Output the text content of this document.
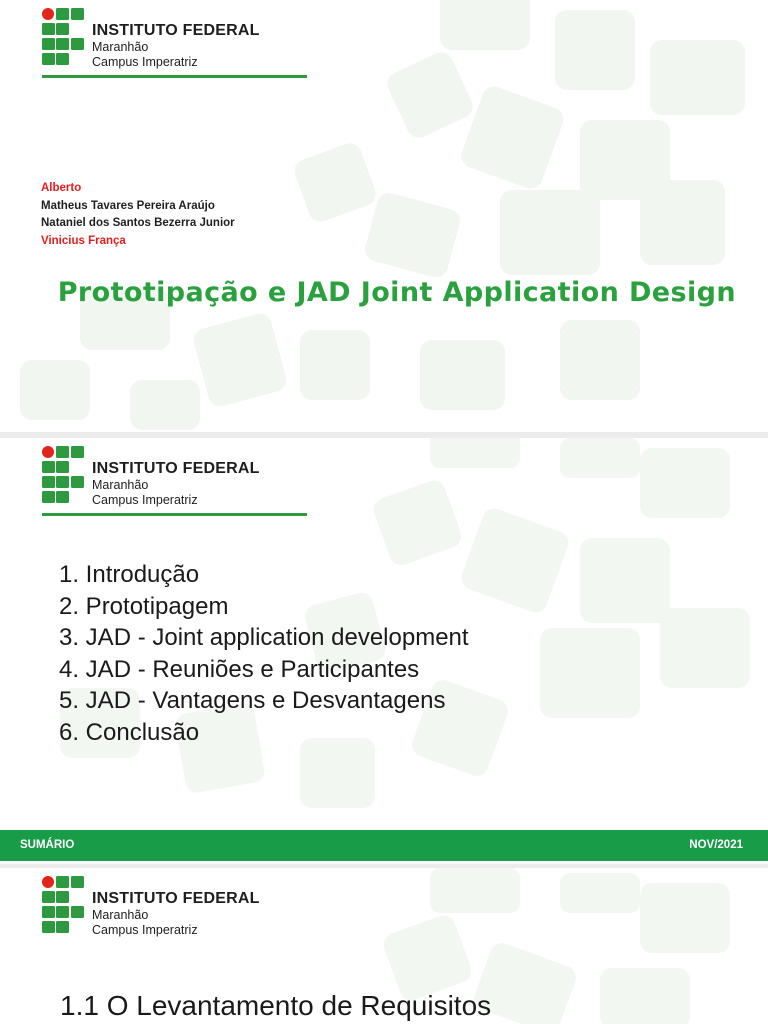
INSTITUTO FEDERAL
Maranhão
Campus Imperatriz
Alberto
Matheus Tavares Pereira Araújo
Nataniel dos Santos Bezerra Junior
Vinicius França
Prototipação e JAD Joint Application Design
INSTITUTO FEDERAL
Maranhão
Campus Imperatriz
1. Introdução
2. Prototipagem
3. JAD - Joint application development
4. JAD - Reuniões e Participantes
5. JAD - Vantagens e Desvantagens
6. Conclusão
SUMÁRIO	NOV/2021
INSTITUTO FEDERAL
Maranhão
Campus Imperatriz
1.1 O Levantamento de Requisitos
